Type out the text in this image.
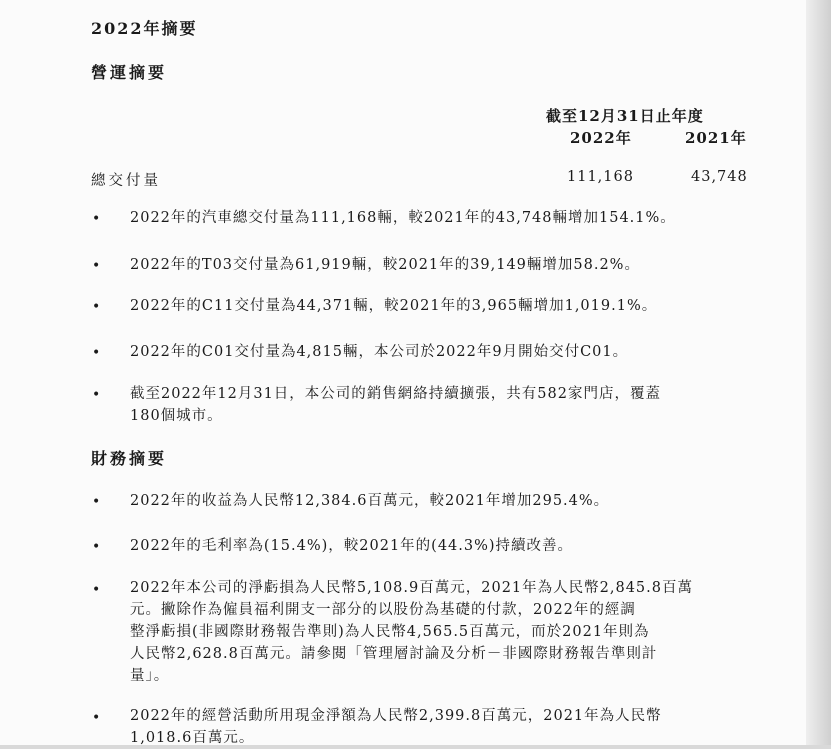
2022年摘要
營運摘要
截至12月31日止年度
2022年	2021年
總交付量	111,168	43,748
• 2022年的汽車總交付量為111,168輛，較2021年的43,748輛增加154.1%。
• 2022年的T03交付量為61,919輛，較2021年的39,149輛增加58.2%。
• 2022年的C11交付量為44,371輛，較2021年的3,965輛增加1,019.1%。
• 2022年的C01交付量為4,815輛，本公司於2022年9月開始交付C01。
• 截至2022年12月31日，本公司的銷售網絡持續擴張，共有582家門店，覆蓋
180個城市。
財務摘要
• 2022年的收益為人民幣12,384.6百萬元，較2021年增加295.4%。
• 2022年的毛利率為(15.4%)，較2021年的(44.3%)持續改善。
• 2022年本公司的淨虧損為人民幣5,108.9百萬元，2021年為人民幣2,845.8百萬
元。撇除作為僱員福利開支一部分的以股份為基礎的付款，2022年的經調
整淨虧損(非國際財務報告準則)為人民幣4,565.5百萬元，而於2021年則為
人民幣2,628.8百萬元。請參閱「管理層討論及分析－非國際財務報告準則計
量」。
• 2022年的經營活動所用現金淨額為人民幣2,399.8百萬元，2021年為人民幣
1,018.6百萬元。
